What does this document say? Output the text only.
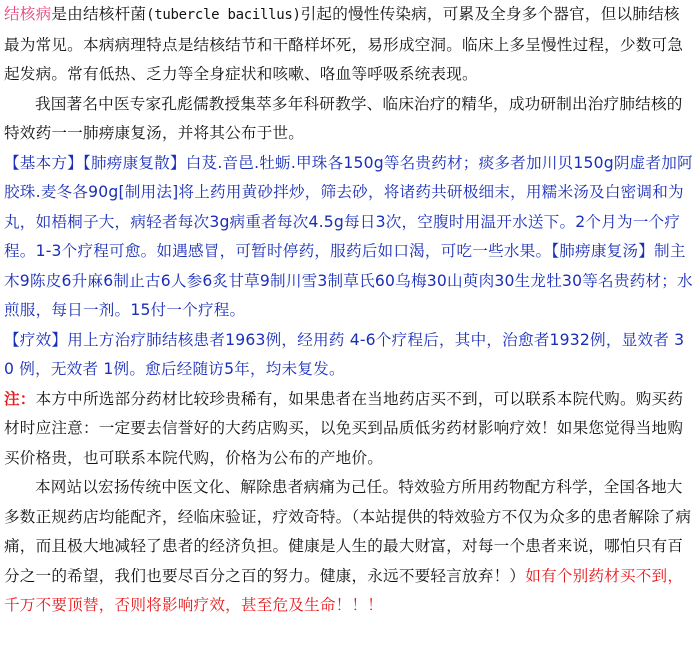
结核病是由结核杆菌(tubercle bacillus)引起的慢性传染病，可累及全身多个器官，但以肺结核最为常见。本病病理特点是结核结节和干酪样坏死，易形成空洞。临床上多呈慢性过程，少数可急起发病。常有低热、乏力等全身症状和咳嗽、咯血等呼吸系统表现。

我国著名中医专家孔彪儒教授集萃多年科研教学、临床治疗的精华，成功研制出治疗肺结核的特效药一一肺痨康复汤，并将其公布于世。

【基本方】【肺痨康复散】白芨.音邑.牡蛎.甲珠各150g等名贵药材；痰多者加川贝150g阴虚者加阿胶珠.麦冬各90g[制用法]将上药用黄砂拌炒，筛去砂，将诸药共研极细末，用糯米汤及白密调和为丸，如梧桐子大，病轻者每次3g病重者每次4.5g每日3次，空腹时用温开水送下。2个月为一个疗程。1-3个疗程可愈。如遇感冒，可暂时停药，服药后如口渴，可吃一些水果。【肺痨康复汤】制主木9陈皮6升麻6制止古6人参6炙甘草9制川雪3制草氏60乌梅30山萸肉30生龙牡30等名贵药材；水煎服，每日一剂。15付一个疗程。

【疗效】用上方治疗肺结核患者1963例，经用药 4-6个疗程后，其中，治愈者1932例，显效者 30 例，无效者 1例。愈后经随访5年，均未复发。

注：本方中所选部分药材比较珍贵稀有，如果患者在当地药店买不到，可以联系本院代购。购买药材时应注意：一定要去信誉好的大药店购买，以免买到品质低劣药材影响疗效！如果您觉得当地购买价格贵，也可联系本院代购，价格为公布的产地价。

本网站以宏扬传统中医文化、解除患者病痛为己任。特效验方所用药物配方科学，全国各地大多数正规药店均能配齐，经临床验证，疗效奇特。（本站提供的特效验方不仅为众多的患者解除了病痛，而且极大地减轻了患者的经济负担。健康是人生的最大财富，对每一个患者来说，哪怕只有百分之一的希望，我们也要尽百分之百的努力。健康，永远不要轻言放弃！）如有个别药材买不到，千万不要顶替，否则将影响疗效，甚至危及生命！！！
